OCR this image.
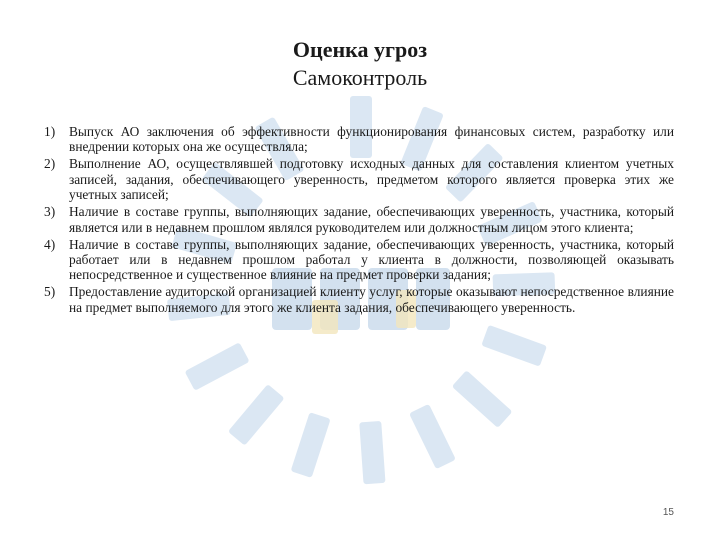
Оценка угроз
Самоконтроль
1) Выпуск АО заключения об эффективности функционирования финансовых систем, разработку или внедрении которых она же осуществляла;
2) Выполнение АО, осуществлявшей подготовку исходных данных для составления клиентом учетных записей, задания, обеспечивающего уверенность, предметом которого является проверка этих же учетных записей;
3) Наличие в составе группы, выполняющих задание, обеспечивающих уверенность, участника, который является или в недавнем прошлом являлся руководителем или должностным лицом этого клиента;
4) Наличие в составе группы, выполняющих задание, обеспечивающих уверенность, участника, который работает или в недавнем прошлом работал у клиента в должности, позволяющей оказывать непосредственное и существенное влияние на предмет проверки задания;
5) Предоставление аудиторской организацией клиенту услуг, которые оказывают непосредственное влияние на предмет выполняемого для этого же клиента задания, обеспечивающего уверенность.
15
